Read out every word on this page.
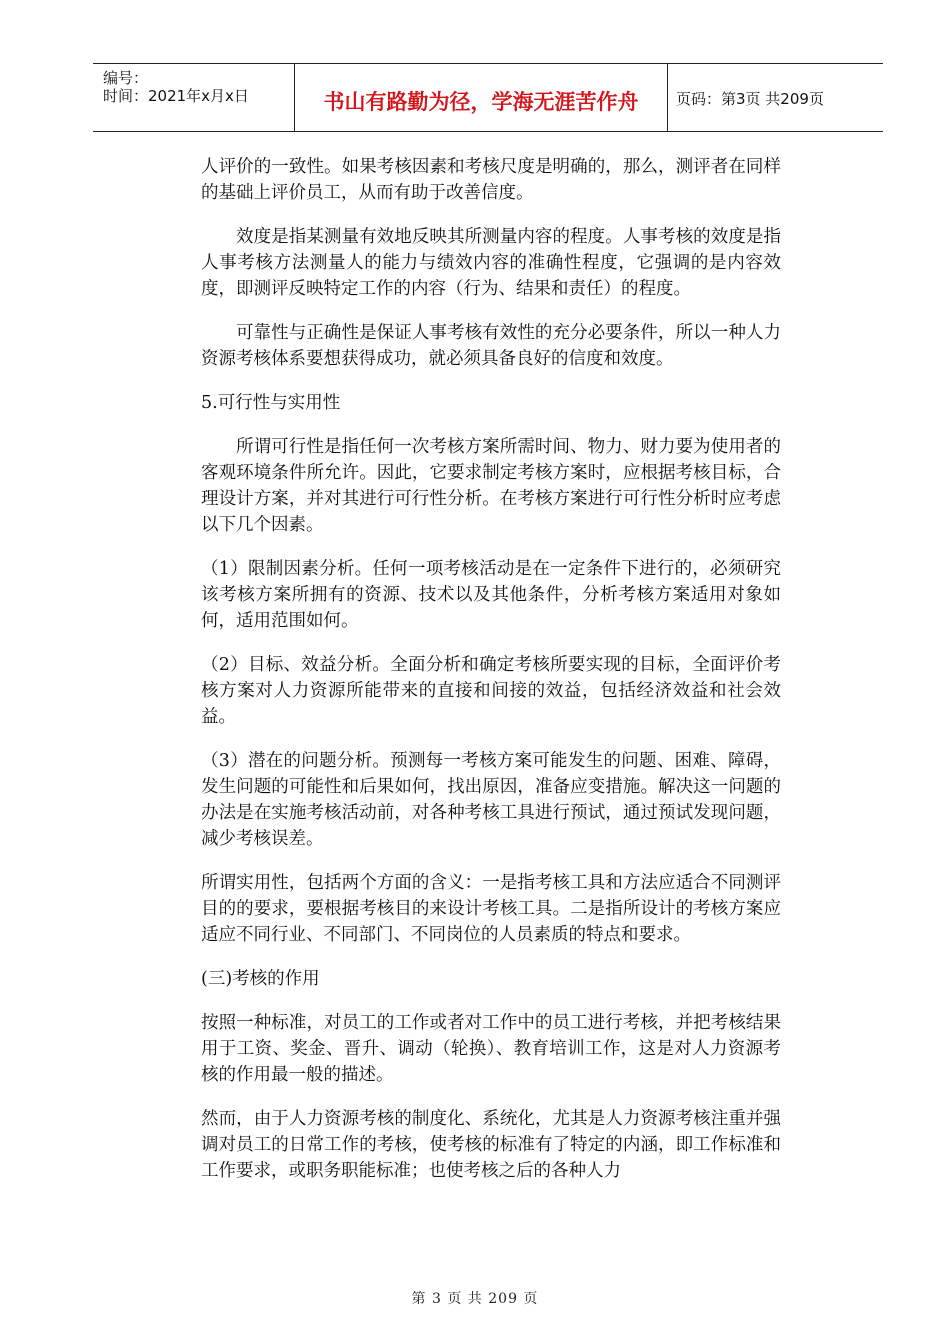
编号：
时间：2021年x月x日	书山有路勤为径，学海无涯苦作舟	页码：第3页 共209页

人评价的一致性。如果考核因素和考核尺度是明确的，那么，测评者在同样的基础上评价员工，从而有助于改善信度。

效度是指某测量有效地反映其所测量内容的程度。人事考核的效度是指人事考核方法测量人的能力与绩效内容的准确性程度，它强调的是内容效度，即测评反映特定工作的内容（行为、结果和责任）的程度。

可靠性与正确性是保证人事考核有效性的充分必要条件，所以一种人力资源考核体系要想获得成功，就必须具备良好的信度和效度。

5.可行性与实用性

所谓可行性是指任何一次考核方案所需时间、物力、财力要为使用者的客观环境条件所允许。因此，它要求制定考核方案时，应根据考核目标，合理设计方案，并对其进行可行性分析。在考核方案进行可行性分析时应考虑以下几个因素。

（1）限制因素分析。任何一项考核活动是在一定条件下进行的，必须研究该考核方案所拥有的资源、技术以及其他条件，分析考核方案适用对象如何，适用范围如何。

（2）目标、效益分析。全面分析和确定考核所要实现的目标，全面评价考核方案对人力资源所能带来的直接和间接的效益，包括经济效益和社会效益。

（3）潜在的问题分析。预测每一考核方案可能发生的问题、困难、障碍，发生问题的可能性和后果如何，找出原因，准备应变措施。解决这一问题的办法是在实施考核活动前，对各种考核工具进行预试，通过预试发现问题，减少考核误差。

所谓实用性，包括两个方面的含义：一是指考核工具和方法应适合不同测评目的的要求，要根据考核目的来设计考核工具。二是指所设计的考核方案应适应不同行业、不同部门、不同岗位的人员素质的特点和要求。

(三)考核的作用

按照一种标准，对员工的工作或者对工作中的员工进行考核，并把考核结果用于工资、奖金、晋升、调动（轮换）、教育培训工作，这是对人力资源考核的作用最一般的描述。

然而，由于人力资源考核的制度化、系统化，尤其是人力资源考核注重并强调对员工的日常工作的考核，使考核的标准有了特定的内涵，即工作标准和工作要求，或职务职能标准；也使考核之后的各种人力

第 3 页 共 209 页
